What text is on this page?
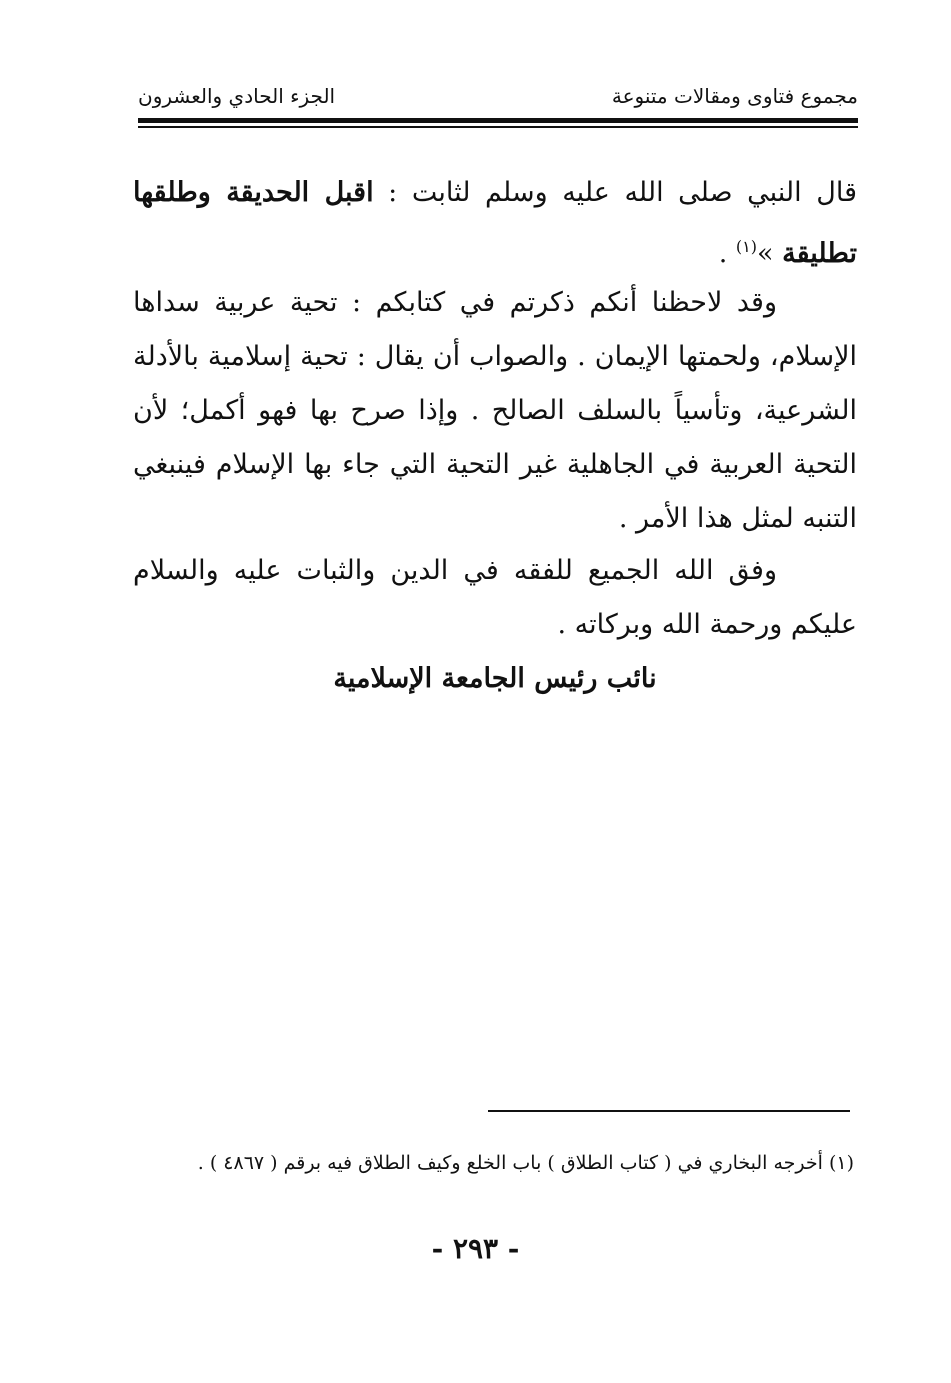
مجموع فتاوى ومقالات متنوعة
الجزء الحادي والعشرون
قال النبي صلى الله عليه وسلم لثابت : اقبل الحديقة وطلقها تطليقة »$^{(١)}$ .
وقد لاحظنا أنكم ذكرتم في كتابكم : تحية عربية سداها الإسلام، ولحمتها الإيمان . والصواب أن يقال : تحية إسلامية بالأدلة الشرعية، وتأسياً بالسلف الصالح . وإذا صرح بها فهو أكمل؛ لأن التحية العربية في الجاهلية غير التحية التي جاء بها الإسلام فينبغي التنبه لمثل هذا الأمر .
وفق الله الجميع للفقه في الدين والثبات عليه والسلام عليكم ورحمة الله وبركاته .
نائب رئيس الجامعة الإسلامية
(١) أخرجه البخاري في ( كتاب الطلاق ) باب الخلع وكيف الطلاق فيه برقم ( ٤٨٦٧ ) .
- ٢٩٣ -
